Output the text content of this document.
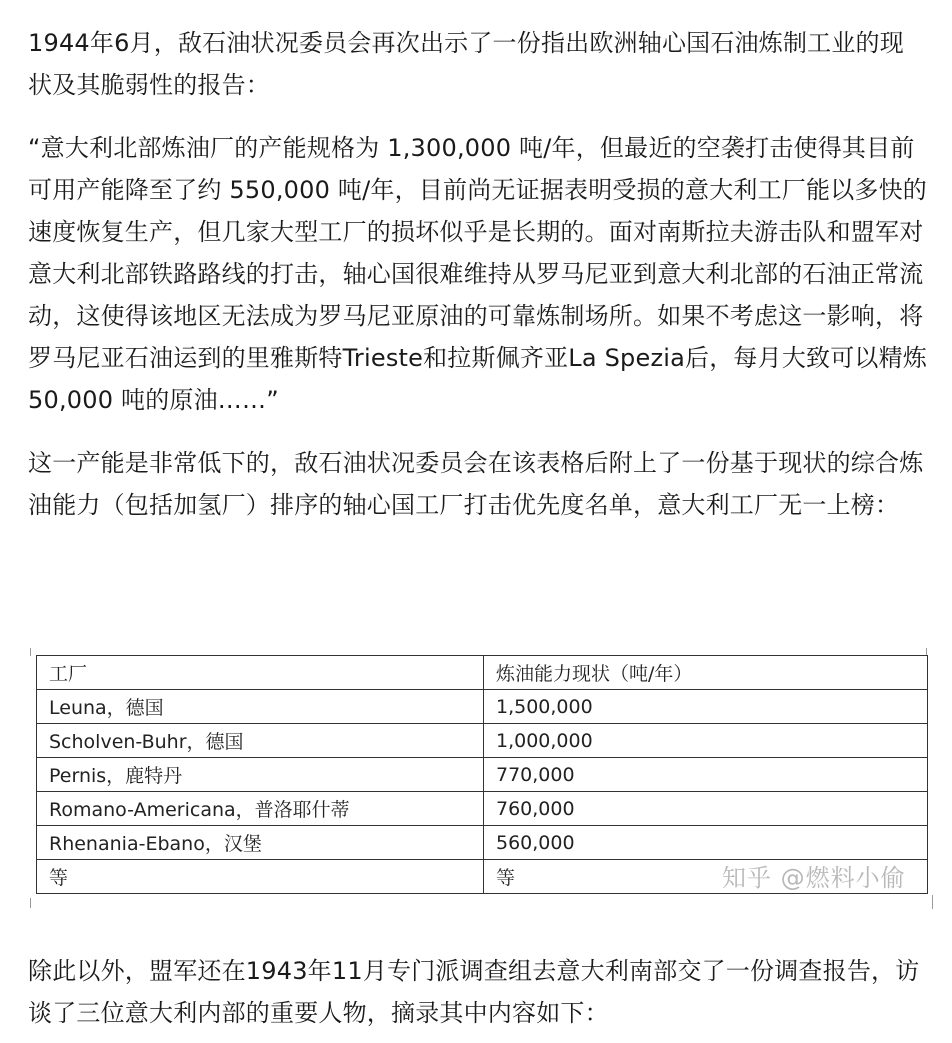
1944年6月，敌石油状况委员会再次出示了一份指出欧洲轴心国石油炼制工业的现状及其脆弱性的报告：

“意大利北部炼油厂的产能规格为 1,300,000 吨/年，但最近的空袭打击使得其目前可用产能降至了约 550,000 吨/年，目前尚无证据表明受损的意大利工厂能以多快的速度恢复生产，但几家大型工厂的损坏似乎是长期的。面对南斯拉夫游击队和盟军对意大利北部铁路路线的打击，轴心国很难维持从罗马尼亚到意大利北部的石油正常流动，这使得该地区无法成为罗马尼亚原油的可靠炼制场所。如果不考虑这一影响，将罗马尼亚石油运到的里雅斯特Trieste和拉斯佩齐亚La Spezia后，每月大致可以精炼 50,000 吨的原油……”

这一产能是非常低下的，敌石油状况委员会在该表格后附上了一份基于现状的综合炼油能力（包括加氢厂）排序的轴心国工厂打击优先度名单，意大利工厂无一上榜：

工厂	炼油能力现状（吨/年）
Leuna，德国	1,500,000
Scholven-Buhr，德国	1,000,000
Pernis，鹿特丹	770,000
Romano-Americana，普洛耶什蒂	760,000
Rhenania-Ebano，汉堡	560,000
等	等	知乎 @燃料小偷

除此以外，盟军还在1943年11月专门派调查组去意大利南部交了一份调查报告，访谈了三位意大利内部的重要人物，摘录其中内容如下：
